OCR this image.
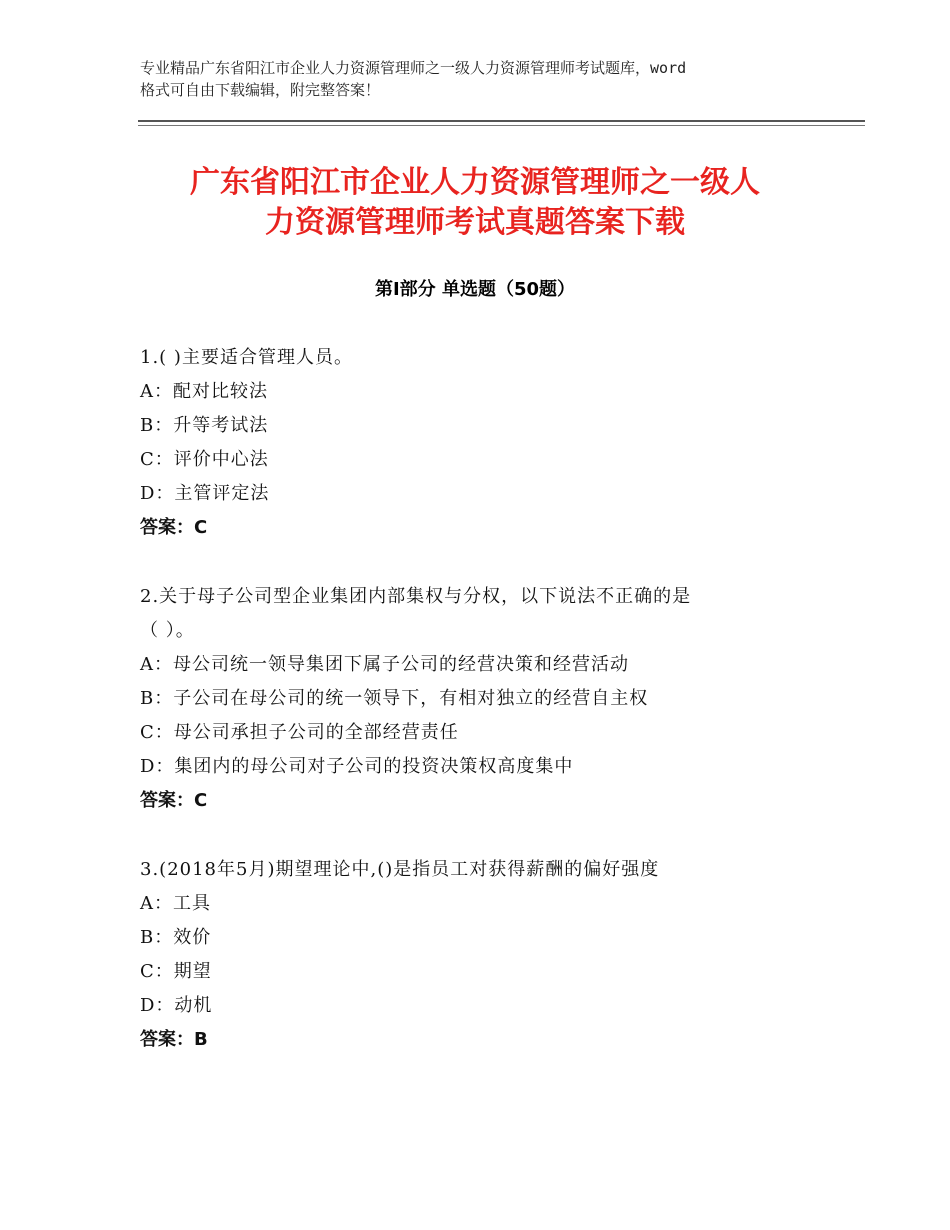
专业精品广东省阳江市企业人力资源管理师之一级人力资源管理师考试题库，word
格式可自由下载编辑，附完整答案！
广东省阳江市企业人力资源管理师之一级人
力资源管理师考试真题答案下载
第Ⅰ部分 单选题（50题）
1.( )主要适合管理人员。
A：配对比较法
B：升等考试法
C：评价中心法
D：主管评定法
答案：C
2.关于母子公司型企业集团内部集权与分权，以下说法不正确的是
（ ）。
A：母公司统一领导集团下属子公司的经营决策和经营活动
B：子公司在母公司的统一领导下，有相对独立的经营自主权
C：母公司承担子公司的全部经营责任
D：集团内的母公司对子公司的投资决策权高度集中
答案：C
3.(2018年5月)期望理论中,()是指员工对获得薪酬的偏好强度
A：工具
B：效价
C：期望
D：动机
答案：B
